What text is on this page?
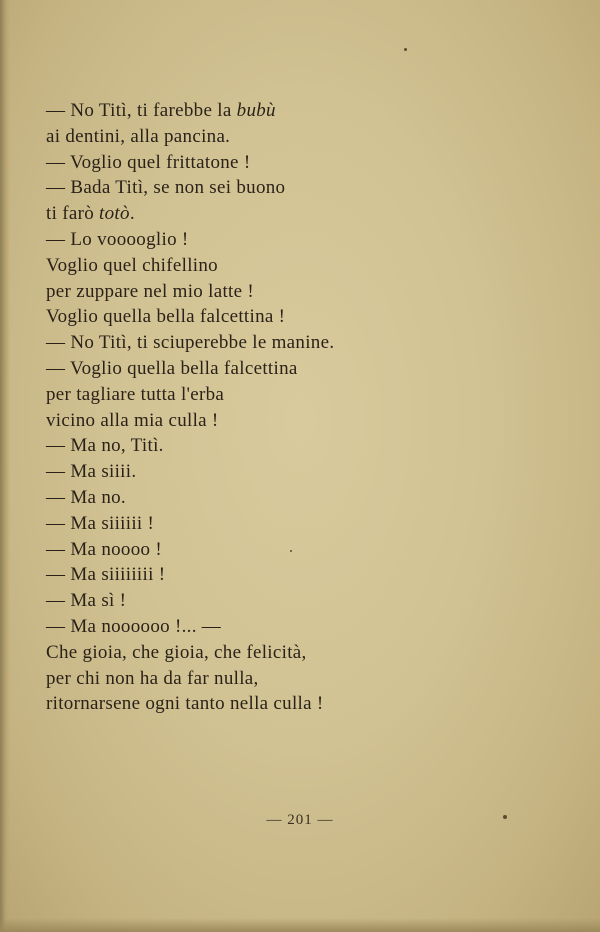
— No Titì, ti farebbe la bubù
ai dentini, alla pancina.
— Voglio quel frittatone !
— Bada Titì, se non sei buono
ti farò totò.
— Lo vooooglio !
Voglio quel chifellino
per zuppare nel mio latte !
Voglio quella bella falcettina !
— No Titì, ti sciuperebbe le manine.
— Voglio quella bella falcettina
per tagliare tutta l'erba
vicino alla mia culla !
— Ma no, Titì.
— Ma siiii.
— Ma no.
— Ma siiiiii !
— Ma noooo !
— Ma siiiiiiii !
— Ma sì !
— Ma noooooo !... —
Che gioia, che gioia, che felicità,
per chi non ha da far nulla,
ritornarsene ogni tanto nella culla !
— 201 —
